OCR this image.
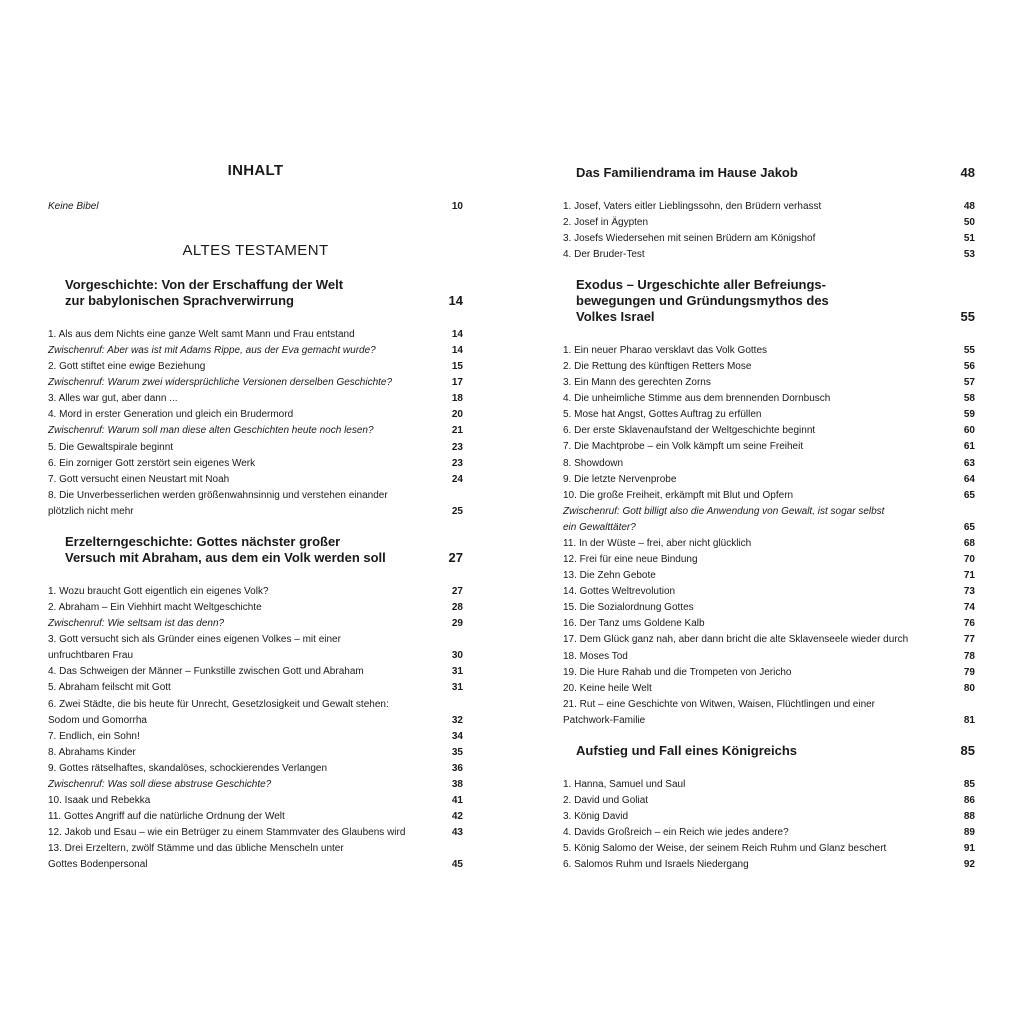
INHALT
Keine Bibel	10
ALTES TESTAMENT
Vorgeschichte: Von der Erschaffung der Welt
zur babylonischen Sprachverwirrung	14
1. Als aus dem Nichts eine ganze Welt samt Mann und Frau entstand	14
Zwischenruf: Aber was ist mit Adams Rippe, aus der Eva gemacht wurde?	14
2. Gott stiftet eine ewige Beziehung	15
Zwischenruf: Warum zwei widersprüchliche Versionen derselben Geschichte?	17
3. Alles war gut, aber dann ...	18
4. Mord in erster Generation und gleich ein Brudermord	20
Zwischenruf: Warum soll man diese alten Geschichten heute noch lesen?	21
5. Die Gewaltspirale beginnt	23
6. Ein zorniger Gott zerstört sein eigenes Werk	23
7. Gott versucht einen Neustart mit Noah	24
8. Die Unverbesserlichen werden größenwahnsinnig und verstehen einander
plötzlich nicht mehr	25
Erzelterngeschichte: Gottes nächster großer
Versuch mit Abraham, aus dem ein Volk werden soll	27
1. Wozu braucht Gott eigentlich ein eigenes Volk?	27
2. Abraham – Ein Viehhirt macht Weltgeschichte	28
Zwischenruf: Wie seltsam ist das denn?	29
3. Gott versucht sich als Gründer eines eigenen Volkes – mit einer
unfruchtbaren Frau	30
4. Das Schweigen der Männer – Funkstille zwischen Gott und Abraham	31
5. Abraham feilscht mit Gott	31
6. Zwei Städte, die bis heute für Unrecht, Gesetzlosigkeit und Gewalt stehen:
Sodom und Gomorrha	32
7. Endlich, ein Sohn!	34
8. Abrahams Kinder	35
9. Gottes rätselhaftes, skandalöses, schockierendes Verlangen	36
Zwischenruf: Was soll diese abstruse Geschichte?	38
10. Isaak und Rebekka	41
11. Gottes Angriff auf die natürliche Ordnung der Welt	42
12. Jakob und Esau – wie ein Betrüger zu einem Stammvater des Glaubens wird	43
13. Drei Erzeltern, zwölf Stämme und das übliche Menscheln unter
Gottes Bodenpersonal	45
Das Familiendrama im Hause Jakob	48
1. Josef, Vaters eitler Lieblingssohn, den Brüdern verhasst	48
2. Josef in Ägypten	50
3. Josefs Wiedersehen mit seinen Brüdern am Königshof	51
4. Der Bruder-Test	53
Exodus – Urgeschichte aller Befreiungs-
bewegungen und Gründungsmythos des
Volkes Israel	55
1. Ein neuer Pharao versklavt das Volk Gottes	55
2. Die Rettung des künftigen Retters Mose	56
3. Ein Mann des gerechten Zorns	57
4. Die unheimliche Stimme aus dem brennenden Dornbusch	58
5. Mose hat Angst, Gottes Auftrag zu erfüllen	59
6. Der erste Sklavenaufstand der Weltgeschichte beginnt	60
7. Die Machtprobe – ein Volk kämpft um seine Freiheit	61
8. Showdown	63
9. Die letzte Nervenprobe	64
10. Die große Freiheit, erkämpft mit Blut und Opfern	65
Zwischenruf: Gott billigt also die Anwendung von Gewalt, ist sogar selbst
ein Gewalttäter?	65
11. In der Wüste – frei, aber nicht glücklich	68
12. Frei für eine neue Bindung	70
13. Die Zehn Gebote	71
14. Gottes Weltrevolution	73
15. Die Sozialordnung Gottes	74
16. Der Tanz ums Goldene Kalb	76
17. Dem Glück ganz nah, aber dann bricht die alte Sklavenseele wieder durch	77
18. Moses Tod	78
19. Die Hure Rahab und die Trompeten von Jericho	79
20. Keine heile Welt	80
21. Rut – eine Geschichte von Witwen, Waisen, Flüchtlingen und einer
Patchwork-Familie	81
Aufstieg und Fall eines Königreichs	85
1. Hanna, Samuel und Saul	85
2. David und Goliat	86
3. König David	88
4. Davids Großreich – ein Reich wie jedes andere?	89
5. König Salomo der Weise, der seinem Reich Ruhm und Glanz beschert	91
6. Salomos Ruhm und Israels Niedergang	92
